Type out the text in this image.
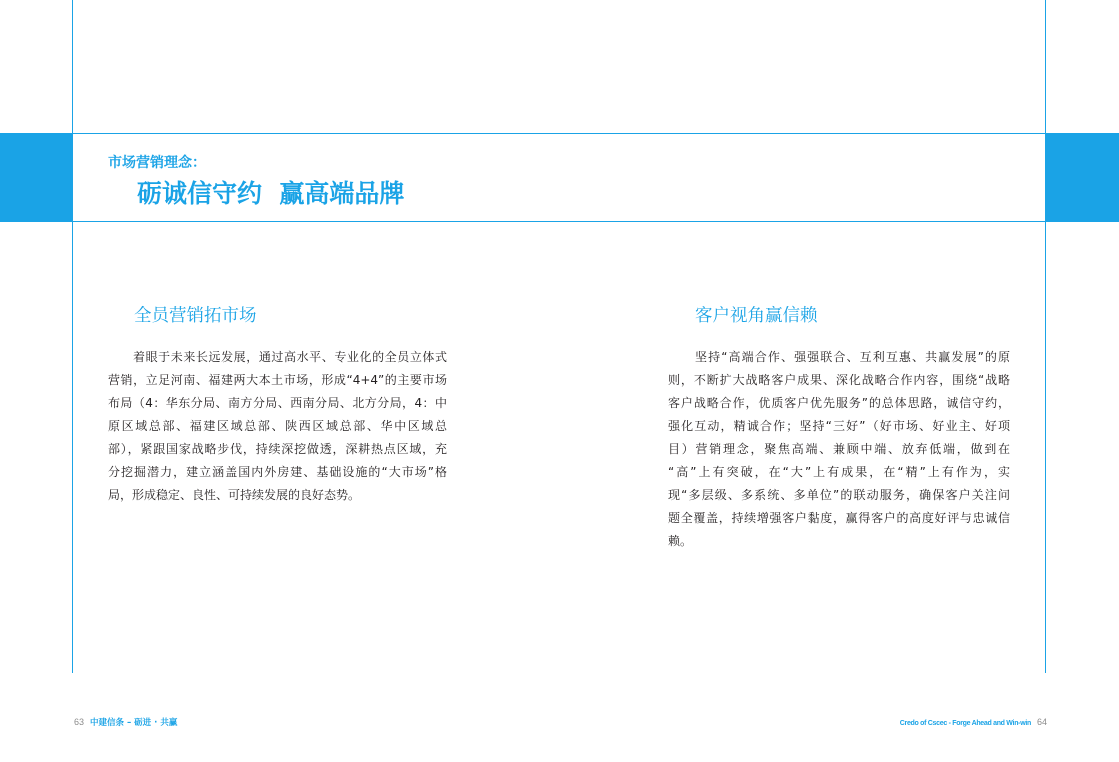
市场营销理念：
砺诚信守约  赢高端品牌
全员营销拓市场
着眼于未来长远发展，通过高水平、专业化的全员立体式
营销，立足河南、福建两大本土市场，形成“4+4”的主要市场
布局（4：华东分局、南方分局、西南分局、北方分局，4：中
原区域总部、福建区域总部、陕西区域总部、华中区域总
部），紧跟国家战略步伐，持续深挖做透，深耕热点区域，充
分挖掘潜力，建立涵盖国内外房建、基础设施的“大市场”格
局，形成稳定、良性、可持续发展的良好态势。
客户视角赢信赖
坚持“高端合作、强强联合、互利互惠、共赢发展”的原
则，不断扩大战略客户成果、深化战略合作内容，围绕“战略
客户战略合作，优质客户优先服务”的总体思路，诚信守约，
强化互动，精诚合作；坚持“三好”（好市场、好业主、好项
目）营销理念，聚焦高端、兼顾中端、放弃低端，做到在
“高”上有突破，在“大”上有成果，在“精”上有作为，实
现“多层级、多系统、多单位”的联动服务，确保客户关注问
题全覆盖，持续增强客户黏度，赢得客户的高度好评与忠诚信
赖。
63 中建信条 – 砺进 · 共赢	Credo of Cscec - Forge Ahead and Win-win 64
